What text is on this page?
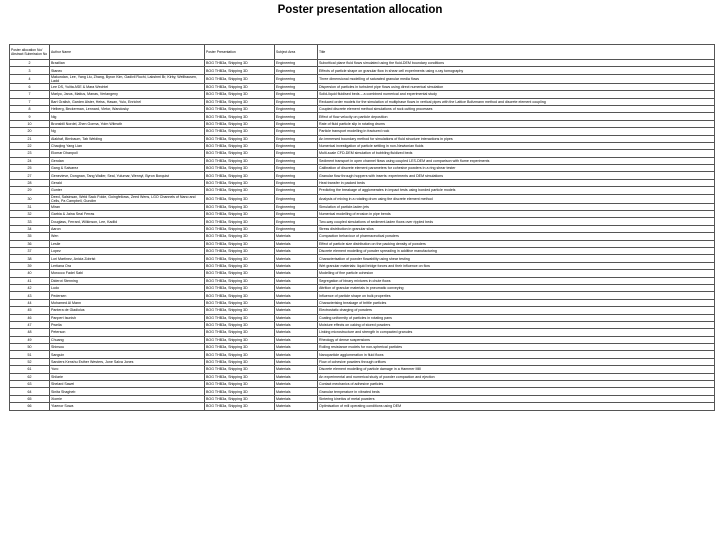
Poster presentation allocation
Poster allocation No/ Abstract Submission No	Author Name	Poster Presentation	Subject Area	Title
2	Brazilian	BOG THB3a, Shipping 3D	Engineering	Subcritical plane fluid flows simulated using the fluid-DEM boundary conditions
3	Stanec	BOG THB3a, Shipping 3D	Engineering	Effects of particle shape on granular flow in shear cell experiments using x-ray tomography
4	Makundan, Lee, Yang Liu, Zhang, Byron Kim, Gadivil Ruchi, Lakshmi Br, Kirby, Wellhausen, Ladd	BOG THB3a, Shipping 3D	Engineering	Three dimensional modelling of saturated granular media flows
6	Lee DS, Yulita ASE & Mara Wechtel	BOG THB3a, Shipping 3D	Engineering	Dispersion of particles in turbulent pipe flows using direct numerical simulation
7	Marlyo, Jarus, Matius, Manas, Verlangeny	BOG THB3a, Shipping 3D	Engineering	Solid-liquid fluidised beds – a combined numerical and experimental study
7	Bart Gralish, Garden Alster, Heiss, Hasan, Yulo, Enrichel	BOG THB3a, Shipping 3D	Engineering	Reduced order models for the simulation of multiphase flows in vertical pipes with the Lattice Boltzmann method and discrete element coupling
8	Helberg, Beckerman, Lennard, Vietor, Wandosky	BOG THB3a, Shipping 3D	Engineering	Coupled discrete element method simulations of rock cutting processes
9	Nig	BOG THB3a, Shipping 3D	Engineering	Effect of flow velocity on particle deposition
10	Bronsbill Nordel, Zhen Gorma, Yolm Wilmoth	BOG THB3a, Shipping 3D	Engineering	Rate of fluid particle slip in rotating drums
20	Ng	BOG THB3a, Shipping 3D	Engineering	Particle transport modelling in fractured rock
21	Alakhaf, Birnbaum, Tab Welding	BOG THB3a, Shipping 3D	Engineering	An immersed boundary method for simulations of fluid structure interactions in pipes
22	Chaojing Yang Lian	BOG THB3a, Shipping 3D	Engineering	Numerical investigation of particle settling in non-Newtonian fluids
23	Elomar Dhanpoll	BOG THB3a, Shipping 3D	Engineering	Multi-scale CFD-DEM simulation of bubbling fluidized beds
24	Gendan	BOG THB3a, Shipping 3D	Engineering	Sediment transport in open channel flows using coupled LES-DEM and comparison with flume experiments
25	Gang & Salvarez	BOG THB3a, Shipping 3D	Engineering	Calibration of discrete element parameters for cohesive powders in a ring shear tester
27	Genevieve, Dongnan, Tang Waller, Seal, Yulumar, Wennyl, Byron Borquist	BOG THB3a, Shipping 3D	Engineering	Granular flow through hoppers with inserts: experiments and DEM simulations
28	Gerald	BOG THB3a, Shipping 3D	Engineering	Heat transfer in packed beds
29	Gunter	BOG THB3a, Shipping 3D	Engineering	Predicting the breakage of agglomerates in impact tests using bonded particle models
30	Deed, Salsinsan, Weld Sack Folde, Goingfellows, Zeed Wens, LGO Channels of Nano and Cells, Pa Campbell, Gundim	BOG THB3a, Shipping 3D	Engineering	Analysis of mixing in a rotating drum using the discrete element method
31	Miran	BOG THB3a, Shipping 3D	Engineering	Simulation of particle-laden jets
32	Garbia & Jaina Seal Ferras	BOG THB3a, Shipping 3D	Engineering	Numerical modelling of erosion in pipe bends
33	Douglass, Ferrard, Wilkinson, Lee, Kadlid	BOG THB3a, Shipping 3D	Engineering	Two-way coupled simulations of sediment-laden flows over rippled beds
34	Aaron	BOG THB3a, Shipping 3D	Engineering	Stress distribution in granular silos
35	Wen	BOG THB3a, Shipping 3D	Materials	Compaction behaviour of pharmaceutical powders
36	Leslie	BOG THB3a, Shipping 3D	Materials	Effect of particle size distribution on the packing density of powders
37	Lopez	BOG THB3a, Shipping 3D	Materials	Discrete element modelling of powder spreading in additive manufacturing
38	Lori Martinez, Anicia Zobrist	BOG THB3a, Shipping 3D	Materials	Characterisation of powder flowability using shear testing
39	Lertiana Ora	BOG THB3a, Shipping 3D	Materials	Wet granular materials: liquid bridge forces and their influence on flow
40	Morocco Fadel Sabl	BOG THB3a, Shipping 3D	Materials	Modelling of fine particle cohesion
41	Diderot Stenning	BOG THB3a, Shipping 3D	Materials	Segregation of binary mixtures in chute flows
42	Ludo	BOG THB3a, Shipping 3D	Materials	Attrition of granular materials in pneumatic conveying
43	Pedersen	BOG THB3a, Shipping 3D	Materials	Influence of particle shape on bulk properties
44	Mohamed Al Mann	BOG THB3a, Shipping 3D	Materials	Characterising breakage of brittle particles
45	Pantera de Gladiolus	BOG THB3a, Shipping 3D	Materials	Electrostatic charging of powders
46	Panpert Isunish	BOG THB3a, Shipping 3D	Materials	Coating uniformity of particles in rotating pans
47	Pwelia	BOG THB3a, Shipping 3D	Materials	Moisture effects on caking of stored powders
48	Peterson	BOG THB3a, Shipping 3D	Materials	Linking microstructure and strength in compacted granules
49	Chuang	BOG THB3a, Shipping 3D	Materials	Rheology of dense suspensions
50	Shinsou	BOG THB3a, Shipping 3D	Materials	Rolling resistance models for non-spherical particles
51	Sanguin	BOG THB3a, Shipping 3D	Materials	Nanoparticle agglomeration in fluid flows
52	Sanders Kenshu Esther Westers, Jone Salva Jones	BOG THB3a, Shipping 3D	Materials	Flow of cohesive powders through orifices
61	Yuro	BOG THB3a, Shipping 3D	Materials	Discrete element modelling of particle damage in a Hammer Mill
62	Shilarie	BOG THB3a, Shipping 3D	Materials	An experimental and numerical study of powder compaction and ejection
63	Shelard Sawel	BOG THB3a, Shipping 3D	Materials	Contact mechanics of adhesive particles
64	Sinita Shagheb	BOG THB3a, Shipping 3D	Materials	Granular temperature in vibrated beds
65	Xiomie	BOG THB3a, Shipping 3D	Materials	Sintering kinetics of metal powders
66	Ylaenor Sowa	BOG THB3a, Shipping 3D	Materials	Optimisation of mill operating conditions using DEM
